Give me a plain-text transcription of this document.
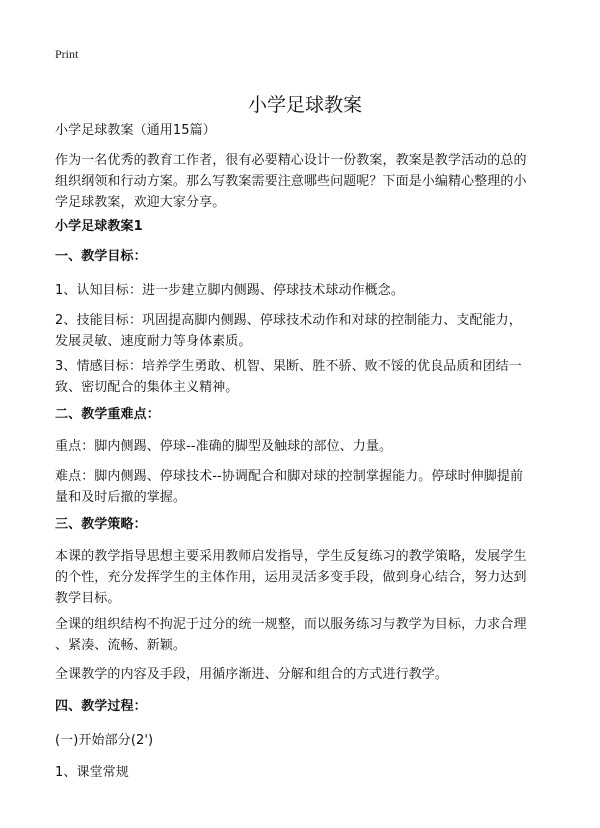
Print
小学足球教案

小学足球教案（通用15篇）

作为一名优秀的教育工作者，很有必要精心设计一份教案，教案是教学活动的总的
组织纲领和行动方案。那么写教案需要注意哪些问题呢？下面是小编精心整理的小
学足球教案，欢迎大家分享。

小学足球教案1

一、教学目标：

1、认知目标：进一步建立脚内侧踢、停球技术球动作概念。

2、技能目标：巩固提高脚内侧踢、停球技术动作和对球的控制能力、支配能力，
发展灵敏、速度耐力等身体素质。

3、情感目标：培养学生勇敢、机智、果断、胜不骄、败不馁的优良品质和团结一
致、密切配合的集体主义精神。

二、教学重难点：

重点：脚内侧踢、停球--准确的脚型及触球的部位、力量。

难点：脚内侧踢、停球技术--协调配合和脚对球的控制掌握能力。停球时伸脚提前
量和及时后撤的掌握。

三、教学策略：

本课的教学指导思想主要采用教师启发指导，学生反复练习的教学策略，发展学生
的个性，充分发挥学生的主体作用，运用灵活多变手段，做到身心结合，努力达到
教学目标。

全课的组织结构不拘泥于过分的统一规整，而以服务练习与教学为目标，力求合理
、紧凑、流畅、新颖。

全课教学的内容及手段，用循序渐进、分解和组合的方式进行教学。

四、教学过程：

(一)开始部分(2')

1、课堂常规
